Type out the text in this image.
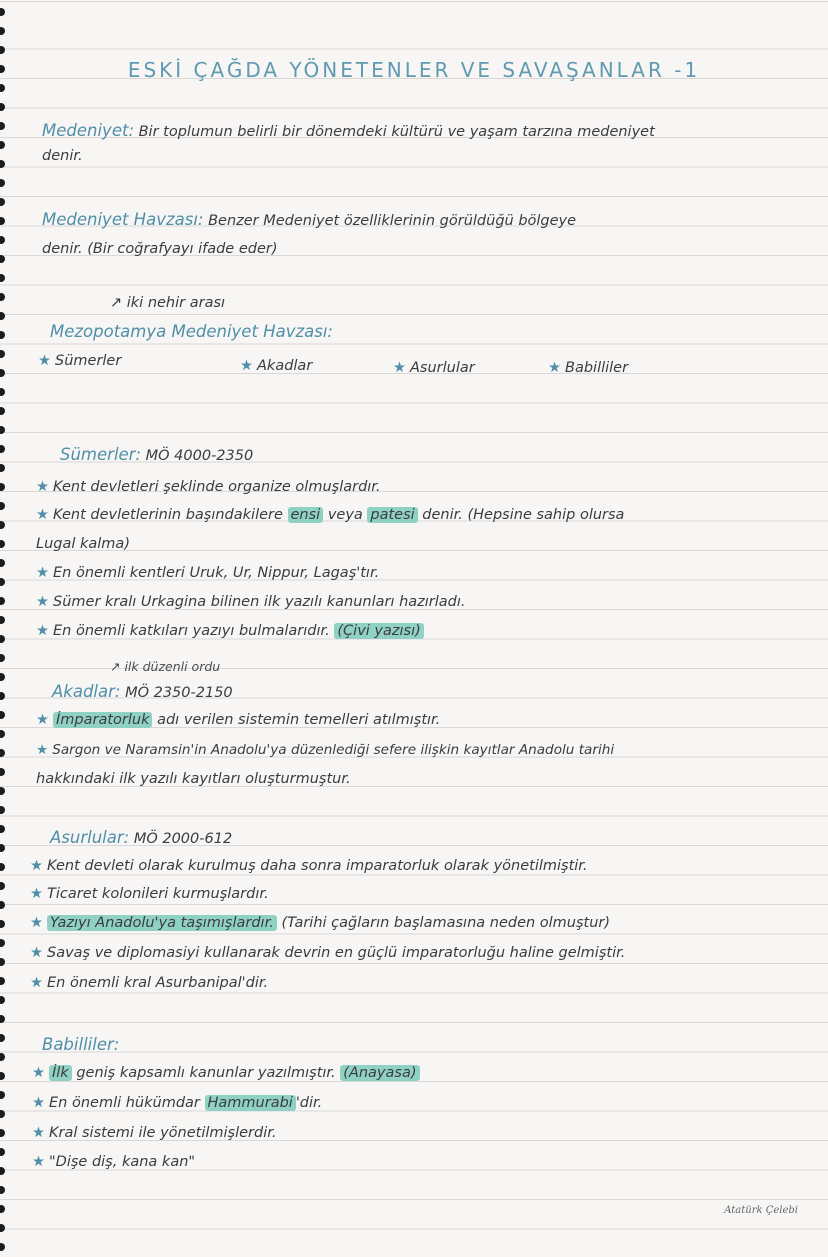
ESKİ ÇAĞDA YÖNETENLER VE SAVAŞANLAR -1
Medeniyet: Bir toplumun belirli bir dönemdeki kültürü ve yaşam tarzına medeniyet
denir.
Medeniyet Havzası: Benzer Medeniyet özelliklerinin görüldüğü bölgeye
denir. (Bir coğrafyayı ifade eder)
↗ iki nehir arası
Mezopotamya Medeniyet Havzası:
★ Sümerler	★ Akadlar	★ Asurlular	★ Babilliler
Sümerler: MÖ 4000-2350
★ Kent devletleri şeklinde organize olmuşlardır.
★ Kent devletlerinin başındakilere ensi veya patesi denir. (Hepsine sahip olursa
Lugal kalma)
★ En önemli kentleri Uruk, Ur, Nippur, Lagaş'tır.
★ Sümer kralı Urkagina bilinen ilk yazılı kanunları hazırladı.
★ En önemli katkıları yazıyı bulmalarıdır. (Çivi yazısı)
↗ ilk düzenli ordu
Akadlar: MÖ 2350-2150
★ İmparatorluk adı verilen sistemin temelleri atılmıştır.
★ Sargon ve Naramsin'in Anadolu'ya düzenlediği sefere ilişkin kayıtlar Anadolu tarihi
hakkındaki ilk yazılı kayıtları oluşturmuştur.
Asurlular: MÖ 2000-612
★ Kent devleti olarak kurulmuş daha sonra imparatorluk olarak yönetilmiştir.
★ Ticaret kolonileri kurmuşlardır.
★ Yazıyı Anadolu'ya taşımışlardır. (Tarihi çağların başlamasına neden olmuştur)
★ Savaş ve diplomasiyi kullanarak devrin en güçlü imparatorluğu haline gelmiştir.
★ En önemli kral Asurbanipal'dir.
Babilliler:
★ İlk geniş kapsamlı kanunlar yazılmıştır. (Anayasa)
★ En önemli hükümdar Hammurabi 'dir.
★ Kral sistemi ile yönetilmişlerdir.
★ "Dişe diş, kana kan"
Atatürk Çelebi
